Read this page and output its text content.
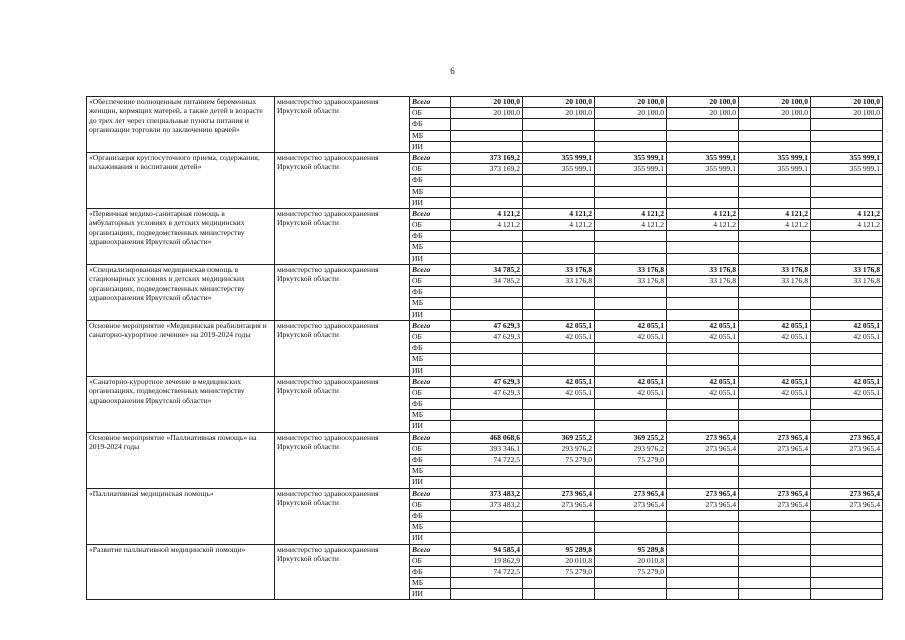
6
«Обеспечение полноценным питанием беременных женщин, кормящих матерей, а также детей в возрасте до трех лет через специальные пункты питания и организации торговли по заключению врачей»	министерство здравоохранения Иркутской области	Всего	20 100,0	20 100,0	20 100,0	20 100,0	20 100,0	20 100,0
		ОБ	20 100,0	20 100,0	20 100,0	20 100,0	20 100,0	20 100,0
		ФБ						
		МБ						
		ИИ						
«Организация круглосуточного приема, содержания, выхаживания и воспитания детей»	министерство здравоохранения Иркутской области	Всего	373 169,2	355 999,1	355 999,1	355 999,1	355 999,1	355 999,1
		ОБ	373 169,2	355 999,1	355 999,1	355 999,1	355 999,1	355 999,1
		ФБ						
		МБ						
		ИИ						
«Первичная медико-санитарная помощь в амбулаторных условиях в детских медицинских организациях, подведомственных министерству здравоохранения Иркутской области»	министерство здравоохранения Иркутской области	Всего	4 121,2	4 121,2	4 121,2	4 121,2	4 121,2	4 121,2
		ОБ	4 121,2	4 121,2	4 121,2	4 121,2	4 121,2	4 121,2
		ФБ						
		МБ						
		ИИ						
«Специализированная медицинская помощь в стационарных условиях в детских медицинских организациях, подведомственных министерству здравоохранения Иркутской области»	министерство здравоохранения Иркутской области	Всего	34 785,2	33 176,8	33 176,8	33 176,8	33 176,8	33 176,8
		ОБ	34 785,2	33 176,8	33 176,8	33 176,8	33 176,8	33 176,8
		ФБ						
		МБ						
		ИИ						
Основное мероприятие «Медицинская реабилитация и санаторно-курортное лечение» на 2019-2024 годы	министерство здравоохранения Иркутской области	Всего	47 629,3	42 055,1	42 055,1	42 055,1	42 055,1	42 055,1
		ОБ	47 629,3	42 055,1	42 055,1	42 055,1	42 055,1	42 055,1
		ФБ						
		МБ						
		ИИ						
«Санаторно-курортное лечение в медицинских организациях, подведомственных министерству здравоохранения Иркутской области»	министерство здравоохранения Иркутской области	Всего	47 629,3	42 055,1	42 055,1	42 055,1	42 055,1	42 055,1
		ОБ	47 629,3	42 055,1	42 055,1	42 055,1	42 055,1	42 055,1
		ФБ						
		МБ						
		ИИ						
Основное мероприятие «Паллиативная помощь» на 2019-2024 годы	министерство здравоохранения Иркутской области	Всего	468 068,6	369 255,2	369 255,2	273 965,4	273 965,4	273 965,4
		ОБ	393 346,1	293 976,2	293 976,2	273 965,4	273 965,4	273 965,4
		ФБ	74 722,5	75 279,0	75 279,0			
		МБ						
		ИИ						
«Паллиативная медицинская помощь»	министерство здравоохранения Иркутской области	Всего	373 483,2	273 965,4	273 965,4	273 965,4	273 965,4	273 965,4
		ОБ	373 483,2	273 965,4	273 965,4	273 965,4	273 965,4	273 965,4
		ФБ						
		МБ						
		ИИ						
«Развитие паллиативной медицинской помощи»	министерство здравоохранения Иркутской области	Всего	94 585,4	95 289,8	95 289,8			
		ОБ	19 862,9	20 010,8	20 010,8			
		ФБ	74 722,5	75 279,0	75 279,0			
		МБ						
		ИИ						
